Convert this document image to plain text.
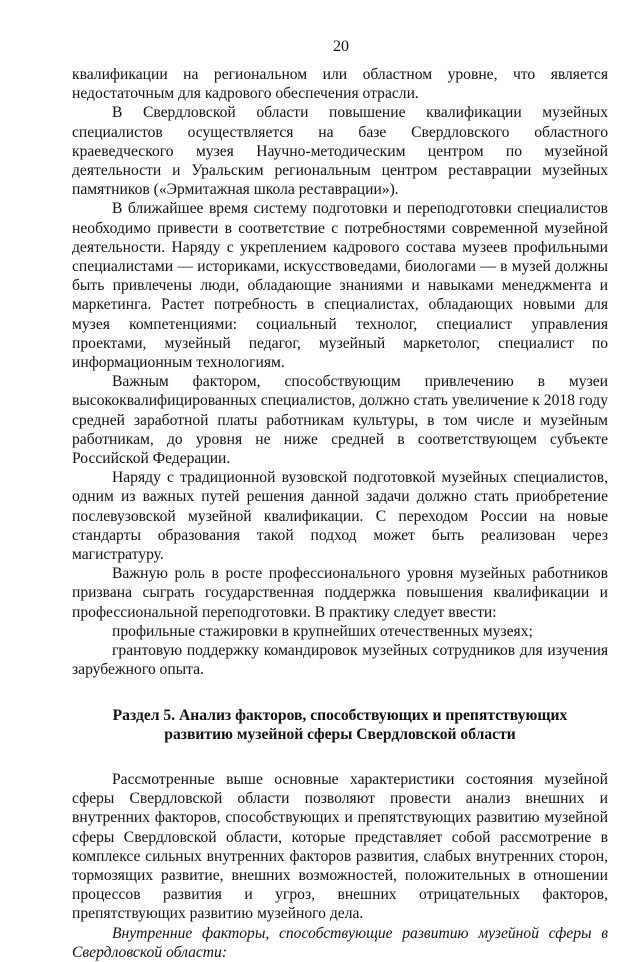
20

квалификации на региональном или областном уровне, что является недостаточным для кадрового обеспечения отрасли.

В Свердловской области повышение квалификации музейных специалистов осуществляется на базе Свердловского областного краеведческого музея Научно-методическим центром по музейной деятельности и Уральским региональным центром реставрации музейных памятников («Эрмитажная школа реставрации»).

В ближайшее время систему подготовки и переподготовки специалистов необходимо привести в соответствие с потребностями современной музейной деятельности. Наряду с укреплением кадрового состава музеев профильными специалистами — историками, искусствоведами, биологами — в музей должны быть привлечены люди, обладающие знаниями и навыками менеджмента и маркетинга. Растет потребность в специалистах, обладающих новыми для музея компетенциями: социальный технолог, специалист управления проектами, музейный педагог, музейный маркетолог, специалист по информационным технологиям.

Важным фактором, способствующим привлечению в музеи высококвалифицированных специалистов, должно стать увеличение к 2018 году средней заработной платы работникам культуры, в том числе и музейным работникам, до уровня не ниже средней в соответствующем субъекте Российской Федерации.

Наряду с традиционной вузовской подготовкой музейных специалистов, одним из важных путей решения данной задачи должно стать приобретение послевузовской музейной квалификации. С переходом России на новые стандарты образования такой подход может быть реализован через магистратуру.

Важную роль в росте профессионального уровня музейных работников призвана сыграть государственная поддержка повышения квалификации и профессиональной переподготовки. В практику следует ввести:

профильные стажировки в крупнейших отечественных музеях;

грантовую поддержку командировок музейных сотрудников для изучения зарубежного опыта.

Раздел 5. Анализ факторов, способствующих и препятствующих
развитию музейной сферы Свердловской области

Рассмотренные выше основные характеристики состояния музейной сферы Свердловской области позволяют провести анализ внешних и внутренних факторов, способствующих и препятствующих развитию музейной сферы Свердловской области, которые представляет собой рассмотрение в комплексе сильных внутренних факторов развития, слабых внутренних сторон, тормозящих развитие, внешних возможностей, положительных в отношении процессов развития и угроз, внешних отрицательных факторов, препятствующих развитию музейного дела.

Внутренние факторы, способствующие развитию музейной сферы в Свердловской области:
